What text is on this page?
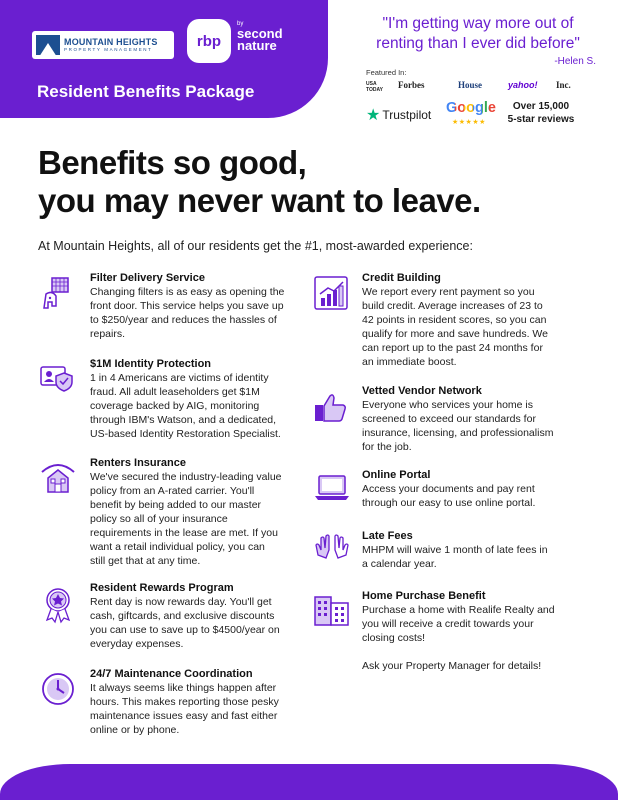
MOUNTAIN HEIGHTS
PROPERTY MANAGEMENT	rbp
by
second
nature
Resident Benefits Package
"I'm getting way more out of renting than I ever did before"
-Helen S.
Featured In:
USA TODAY	Forbes	House	yahoo! Inc.
★ Trustpilot Google
★★★★★
Over 15,000
5-star reviews
Benefits so good,
you may never want to leave.
At Mountain Heights, all of our residents get the #1, most-awarded experience:
Filter Delivery Service
Changing filters is as easy as opening the
front door. This service helps you save up
to $250/year and reduces the hassles of
repairs.
$1M Identity Protection
1 in 4 Americans are victims of identity
fraud. All adult leaseholders get $1M
coverage backed by AIG, monitoring
through IBM's Watson, and a dedicated,
US-based Identity Restoration Specialist.
Renters Insurance
We've secured the industry-leading value
policy from an A-rated carrier. You'll
benefit by being added to our master
policy so all of your insurance
requirements in the lease are met. If you
want a retail individual policy, you can
still get that at any time.
Resident Rewards Program
Rent day is now rewards day. You'll get
cash, giftcards, and exclusive discounts
you can use to save up to $4500/year on
everyday expenses.
24/7 Maintenance Coordination
It always seems like things happen after
hours. This makes reporting those pesky
maintenance issues easy and fast either
online or by phone.
Credit Building
We report every rent payment so you
build credit. Average increases of 23 to
42 points in resident scores, so you can
qualify for more and save hundreds. We
can report up to the past 24 months for
an immediate boost.
Vetted Vendor Network
Everyone who services your home is
screened to exceed our standards for
insurance, licensing, and professionalism
for the job.
Online Portal
Access your documents and pay rent
through our easy to use online portal.
Late Fees
MHPM will waive 1 month of late fees in
a calendar year.
Home Purchase Benefit
Purchase a home with Realife Realty and
you will receive a credit towards your
closing costs!
Ask your Property Manager for details!
